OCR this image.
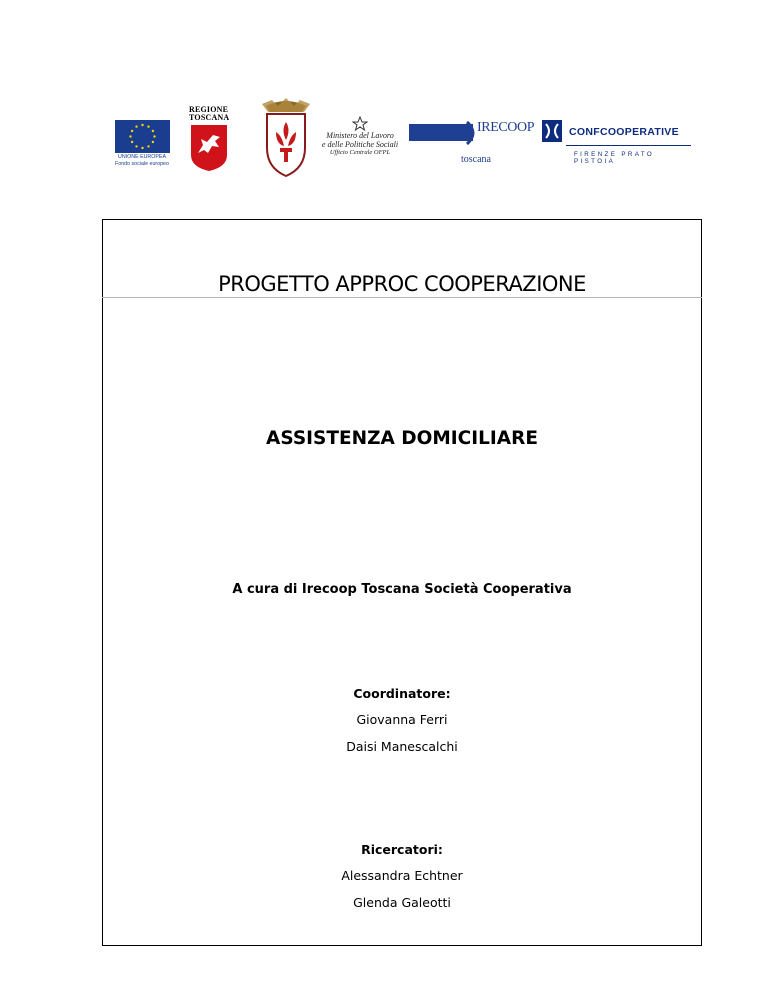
UNIONE EUROPEA
Fondo sociale europeo
REGIONE
TOSCANA
Ministero del Lavoro
e delle Politiche Sociali
Ufficio Centrale OFPL
IRECOOP
toscana
CONFCOOPERATIVE
FIRENZE PRATO PISTOIA
PROGETTO APPROC COOPERAZIONE
ASSISTENZA DOMICILIARE
A cura di Irecoop Toscana Società Cooperativa
Coordinatore:
Giovanna Ferri
Daisi Manescalchi
Ricercatori:
Alessandra Echtner
Glenda Galeotti
